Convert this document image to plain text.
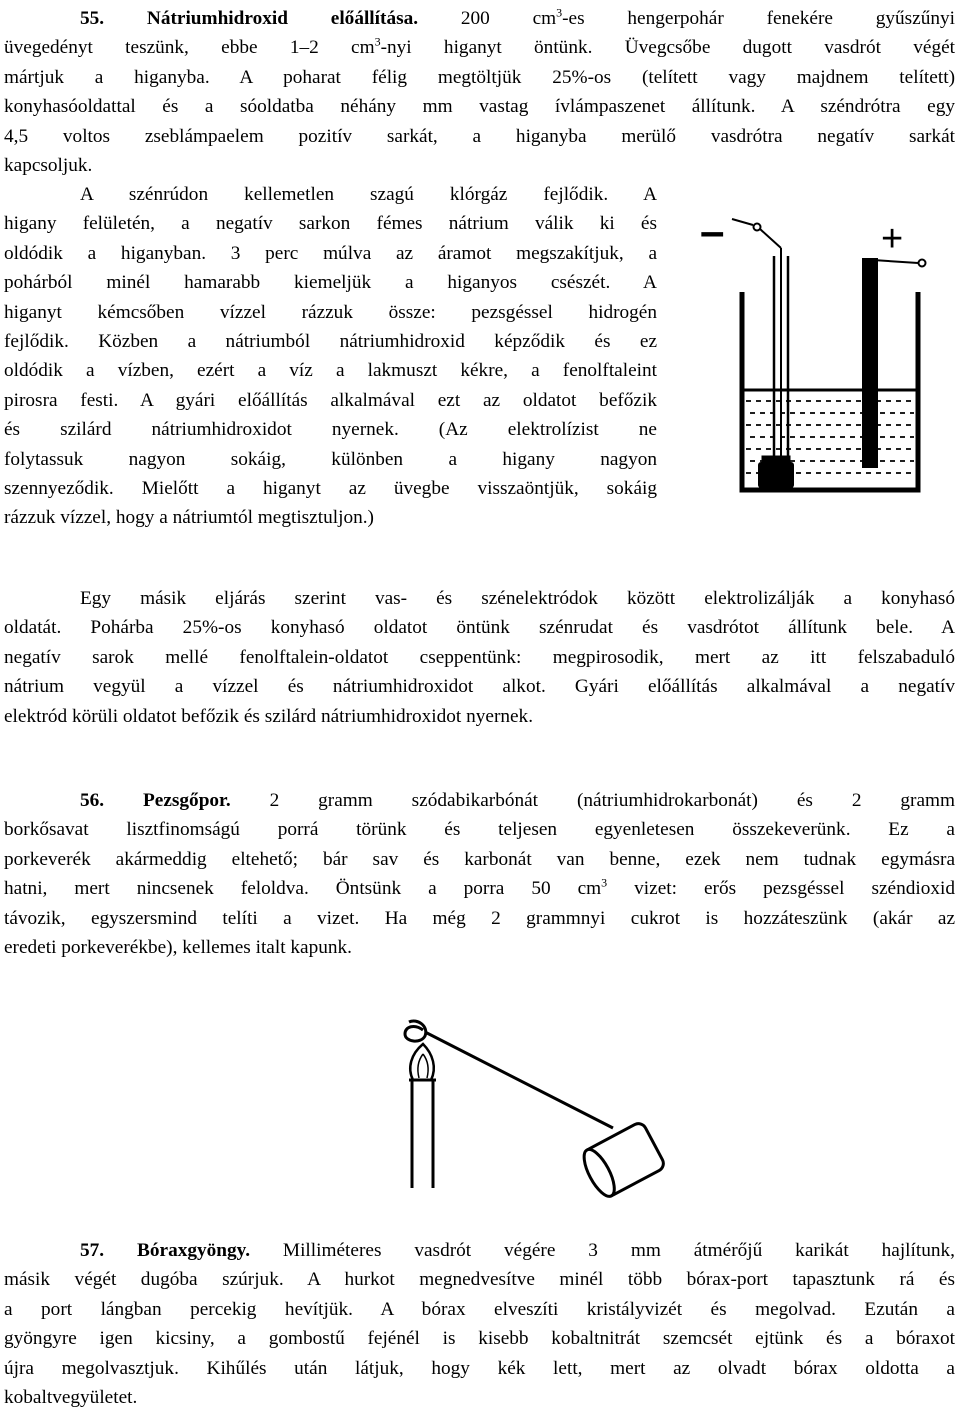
55. Nátriumhidroxid előállítása. 200 $cm^3-es$ hengerpohár fenekére gyűszűnyi
üvegedényt teszünk, ebbe 1–2 $cm^3$-nyi higanyt öntünk. Üvegcsőbe dugott vasdrót végét
mártjuk a higanyba. A poharat félig megtöltjük 25%-os (telített vagy majdnem telített)
konyhasóoldattal és a sóoldatba néhány mm vastag ívlámpaszenet állítunk. A széndrótra egy
4,5 voltos zseblámpaelem pozitív sarkát, a higanyba merülő vasdrótra negatív sarkát
kapcsoljuk.
A szénrúdon kellemetlen szagú klórgáz fejlődik. A
higany felületén, a negatív sarkon fémes nátrium válik ki és
oldódik a higanyban. 3 perc múlva az áramot megszakítjuk, a
pohárból minél hamarabb kiemeljük a higanyos csészét. A
higanyt kémcsőben vízzel rázzuk össze: pezsgéssel hidrogén
fejlődik. Közben a nátriumból nátriumhidroxid képződik és ez
oldódik a vízben, ezért a víz a lakmuszt kékre, a fenolftaleint
pirosra festi. A gyári előállítás alkalmával ezt az oldatot befőzik
és szilárd nátriumhidroxidot nyernek. (Az elektrolízist ne
folytassuk nagyon sokáig, különben a higany nagyon
szennyeződik. Mielőtt a higanyt az üvegbe visszaöntjük, sokáig
rázzuk vízzel, hogy a nátriumtól megtisztuljon.)
–	+
Egy másik eljárás szerint vas- és szénelektródok között elektrolizálják a konyhasó
oldatát. Pohárba 25%-os konyhasó oldatot öntünk szénrudat és vasdrótot állítunk bele. A
negatív sarok mellé fenolftalein-oldatot cseppentünk: megpirosodik, mert az itt felszabaduló
nátrium vegyül a vízzel és nátriumhidroxidot alkot. Gyári előállítás alkalmával a negatív
elektród körüli oldatot befőzik és szilárd nátriumhidroxidot nyernek.
56. Pezsgőpor. 2 gramm szódabikarbónát (nátriumhidrokarbonát) és 2 gramm
borkősavat lisztfinomságú porrá törünk és teljesen egyenletesen összekeverünk. Ez a
porkeverék akármeddig eltehető; bár sav és karbonát van benne, ezek nem tudnak egymásra
hatni, mert nincsenek feloldva. Öntsünk a porra 50 $cm^3$ vizet: erős pezsgéssel széndioxid
távozik, egyszersmind telíti a vizet. Ha még 2 grammnyi cukrot is hozzáteszünk (akár az
eredeti porkeverékbe), kellemes italt kapunk.
57. Bóraxgyöngy. Milliméteres vasdrót végére 3 mm átmérőjű karikát hajlítunk,
másik végét dugóba szúrjuk. A hurkot megnedvesítve minél több bórax-port tapasztunk rá és
a port lángban percekig hevítjük. A bórax elveszíti kristályvizét és megolvad. Ezután a
gyöngyre igen kicsiny, a gombostű fejénél is kisebb kobaltnitrát szemcsét ejtünk és a bóraxot
újra megolvasztjuk. Kihűlés után látjuk, hogy kék lett, mert az olvadt bórax oldotta a
kobaltvegyületet.
